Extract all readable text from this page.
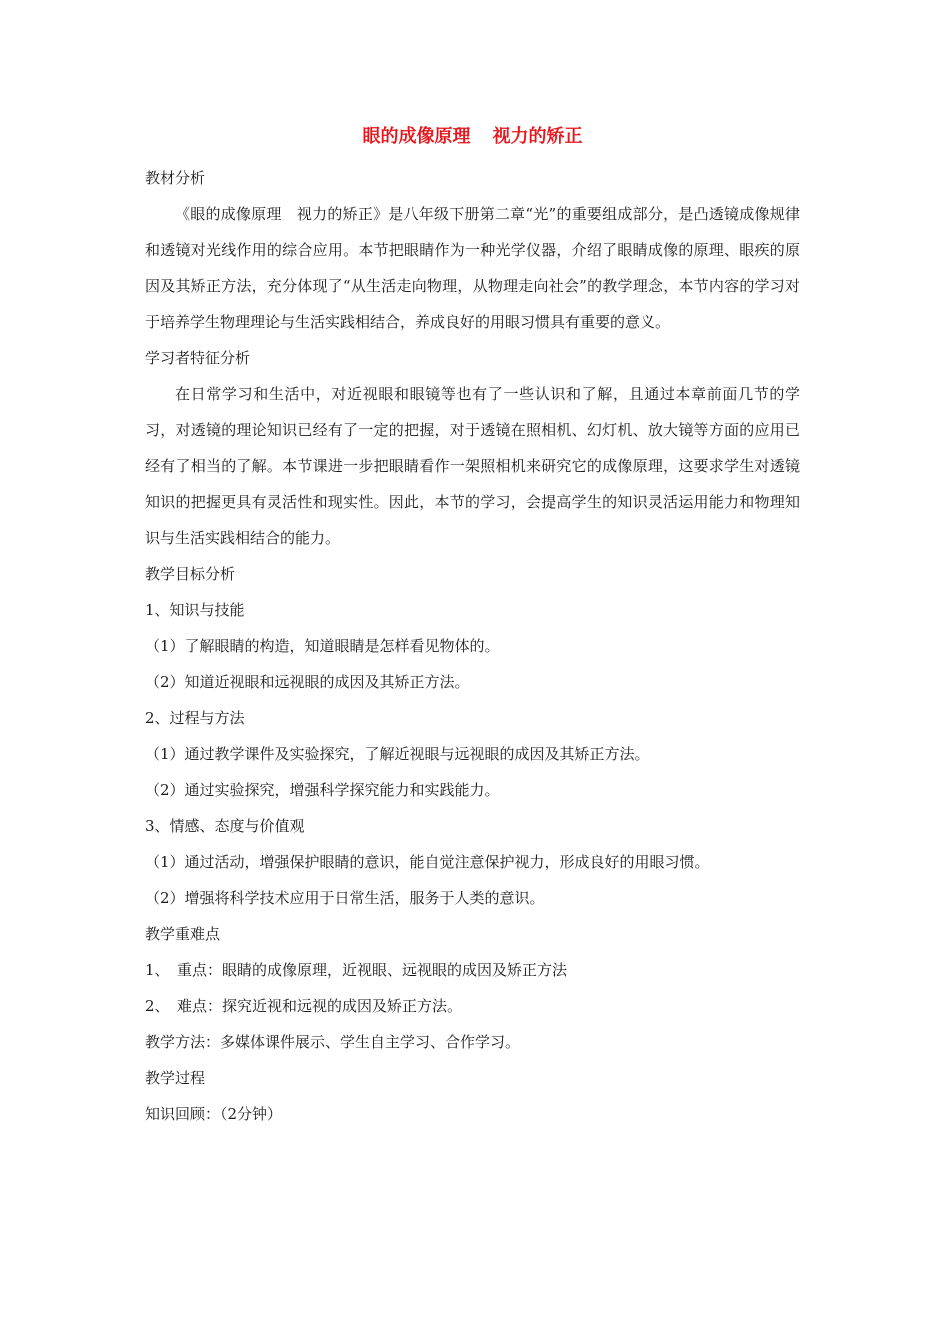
眼的成像原理 视力的矫正

教材分析

《眼的成像原理　视力的矫正》是八年级下册第二章“光”的重要组成部分，是凸透镜成像规律和透镜对光线作用的综合应用。本节把眼睛作为一种光学仪器，介绍了眼睛成像的原理、眼疾的原因及其矫正方法，充分体现了“从生活走向物理，从物理走向社会”的教学理念，本节内容的学习对于培养学生物理理论与生活实践相结合，养成良好的用眼习惯具有重要的意义。

学习者特征分析

在日常学习和生活中，对近视眼和眼镜等也有了一些认识和了解，且通过本章前面几节的学习，对透镜的理论知识已经有了一定的把握，对于透镜在照相机、幻灯机、放大镜等方面的应用已经有了相当的了解。本节课进一步把眼睛看作一架照相机来研究它的成像原理，这要求学生对透镜知识的把握更具有灵活性和现实性。因此，本节的学习，会提高学生的知识灵活运用能力和物理知识与生活实践相结合的能力。

教学目标分析

1、知识与技能

（1）了解眼睛的构造，知道眼睛是怎样看见物体的。

（2）知道近视眼和远视眼的成因及其矫正方法。

2、过程与方法

（1）通过教学课件及实验探究，了解近视眼与远视眼的成因及其矫正方法。

（2）通过实验探究，增强科学探究能力和实践能力。

3、情感、态度与价值观

（1）通过活动，增强保护眼睛的意识，能自觉注意保护视力，形成良好的用眼习惯。

（2）增强将科学技术应用于日常生活，服务于人类的意识。

教学重难点

1、　重点：眼睛的成像原理，近视眼、远视眼的成因及矫正方法

2、　难点：探究近视和远视的成因及矫正方法。

教学方法：多媒体课件展示、学生自主学习、合作学习。

教学过程

知识回顾：（2分钟）
